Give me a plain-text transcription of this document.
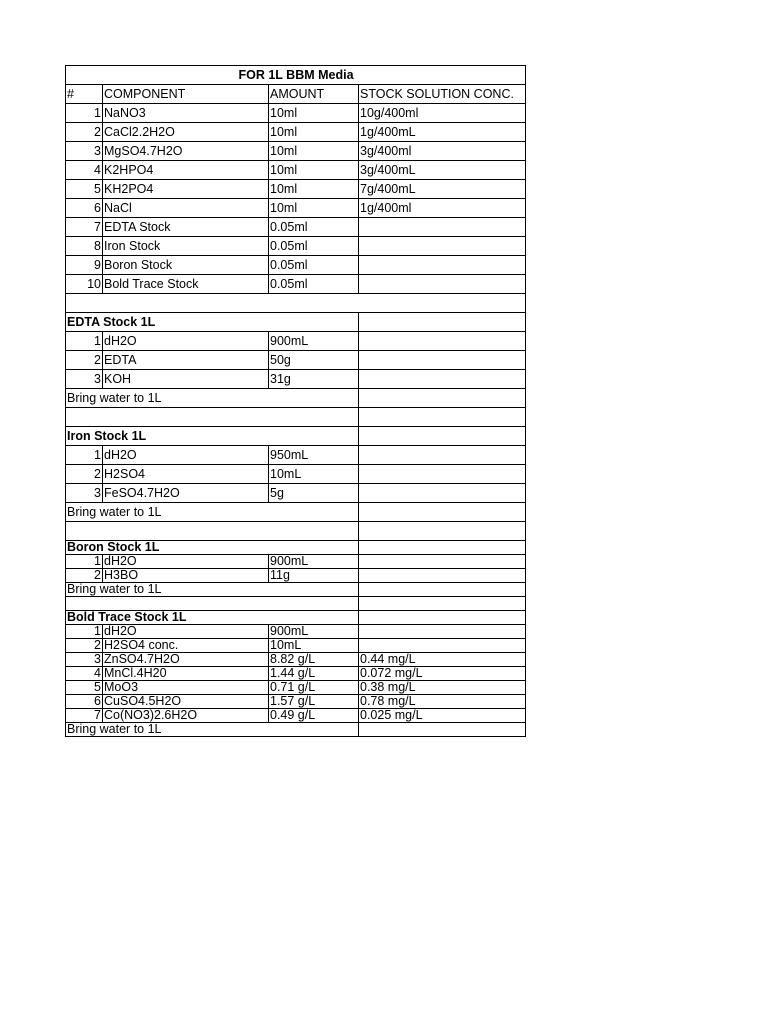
FOR 1L BBM Media			
#	COMPONENT	AMOUNT	STOCK SOLUTION CONC.
1	NaNO3	10ml	10g/400ml
2	CaCl2.2H2O	10ml	1g/400mL
3	MgSO4.7H2O	10ml	3g/400ml
4	K2HPO4	10ml	3g/400mL
5	KH2PO4	10ml	7g/400mL
6	NaCl	10ml	1g/400ml
7	EDTA Stock	0.05ml	
8	Iron Stock	0.05ml	
9	Boron Stock	0.05ml	
10	Bold Trace Stock	0.05ml	

EDTA Stock 1L			
1	dH2O	900mL	
2	EDTA	50g	
3	KOH	31g	
Bring water to 1L			

Iron Stock 1L			
1	dH2O	950mL	
2	H2SO4	10mL	
3	FeSO4.7H2O	5g	
Bring water to 1L			

Boron Stock 1L			
1	dH2O	900mL	
2	H3BO	11g	
Bring water to 1L			

Bold Trace Stock 1L			
1	dH2O	900mL	
2	H2SO4 conc.	10mL	
3	ZnSO4.7H2O	8.82 g/L	0.44 mg/L
4	MnCl.4H20	1.44 g/L	0.072 mg/L
5	MoO3	0.71 g/L	0.38 mg/L
6	CuSO4.5H2O	1.57 g/L	0.78 mg/L
7	Co(NO3)2.6H2O	0.49 g/L	0.025 mg/L
Bring water to 1L			
